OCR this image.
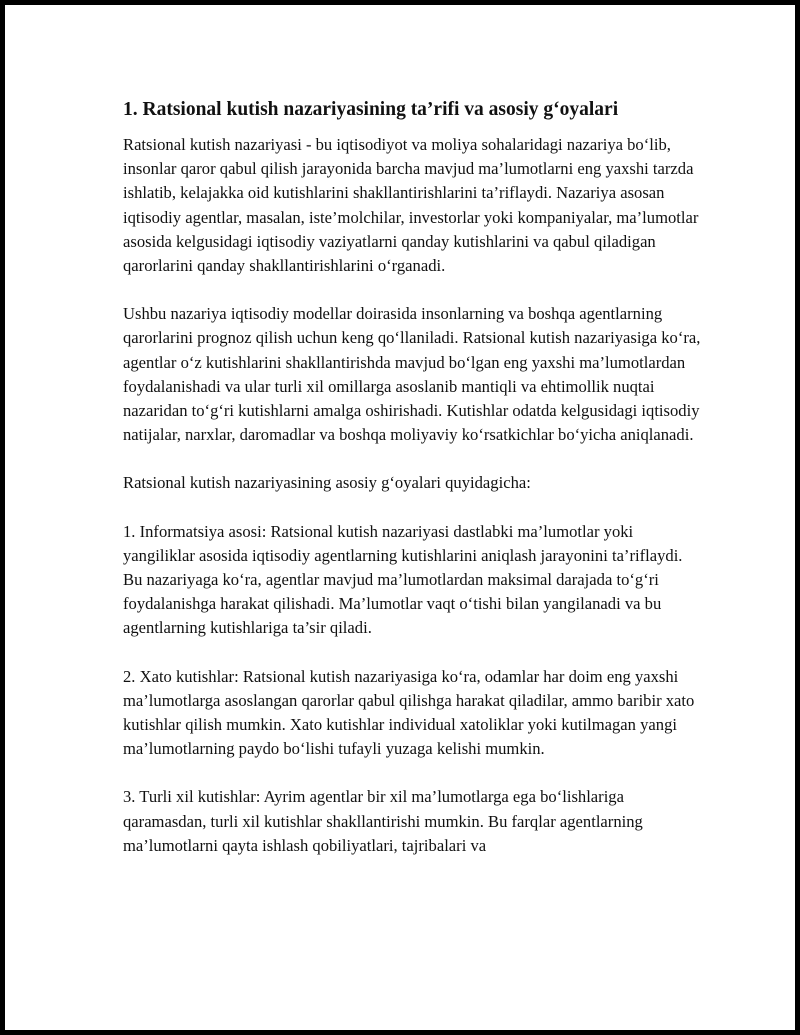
1. Ratsional kutish nazariyasining ta’rifi va asosiy g‘oyalari

Ratsional kutish nazariyasi - bu iqtisodiyot va moliya sohalaridagi nazariya bo‘lib, insonlar qaror qabul qilish jarayonida barcha mavjud ma’lumotlarni eng yaxshi tarzda ishlatib, kelajakka oid kutishlarini shakllantirishlarini ta’riflaydi. Nazariya asosan iqtisodiy agentlar, masalan, iste’molchilar, investorlar yoki kompaniyalar, ma’lumotlar asosida kelgusidagi iqtisodiy vaziyatlarni qanday kutishlarini va qabul qiladigan qarorlarini qanday shakllantirishlarini o‘rganadi.

Ushbu nazariya iqtisodiy modellar doirasida insonlarning va boshqa agentlarning qarorlarini prognoz qilish uchun keng qo‘llaniladi. Ratsional kutish nazariyasiga ko‘ra, agentlar o‘z kutishlarini shakllantirishda mavjud bo‘lgan eng yaxshi ma’lumotlardan foydalanishadi va ular turli xil omillarga asoslanib mantiqli va ehtimollik nuqtai nazaridan to‘g‘ri kutishlarni amalga oshirishadi. Kutishlar odatda kelgusidagi iqtisodiy natijalar, narxlar, daromadlar va boshqa moliyaviy ko‘rsatkichlar bo‘yicha aniqlanadi.

Ratsional kutish nazariyasining asosiy g‘oyalari quyidagicha:

1. Informatsiya asosi: Ratsional kutish nazariyasi dastlabki ma’lumotlar yoki yangiliklar asosida iqtisodiy agentlarning kutishlarini aniqlash jarayonini ta’riflaydi. Bu nazariyaga ko‘ra, agentlar mavjud ma’lumotlardan maksimal darajada to‘g‘ri foydalanishga harakat qilishadi. Ma’lumotlar vaqt o‘tishi bilan yangilanadi va bu agentlarning kutishlariga ta’sir qiladi.

2. Xato kutishlar: Ratsional kutish nazariyasiga ko‘ra, odamlar har doim eng yaxshi ma’lumotlarga asoslangan qarorlar qabul qilishga harakat qiladilar, ammo baribir xato kutishlar qilish mumkin. Xato kutishlar individual xatoliklar yoki kutilmagan yangi ma’lumotlarning paydo bo‘lishi tufayli yuzaga kelishi mumkin.

3. Turli xil kutishlar: Ayrim agentlar bir xil ma’lumotlarga ega bo‘lishlariga qaramasdan, turli xil kutishlar shakllantirishi mumkin. Bu farqlar agentlarning ma’lumotlarni qayta ishlash qobiliyatlari, tajribalari va
